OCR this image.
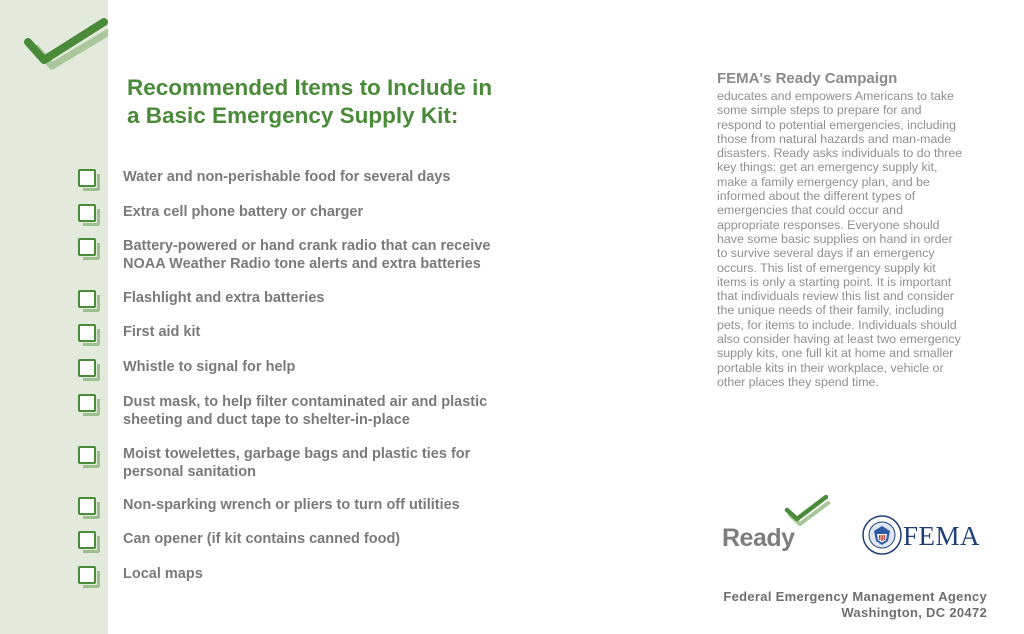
Recommended Items to Include in
a Basic Emergency Supply Kit:
Water and non-perishable food for several days
Extra cell phone battery or charger
Battery-powered or hand crank radio that can receive
NOAA Weather Radio tone alerts and extra batteries
Flashlight and extra batteries
First aid kit
Whistle to signal for help
Dust mask, to help filter contaminated air and plastic
sheeting and duct tape to shelter-in-place
Moist towelettes, garbage bags and plastic ties for
personal sanitation
Non-sparking wrench or pliers to turn off utilities
Can opener (if kit contains canned food)
Local maps
FEMA's Ready Campaign
educates and empowers Americans to take
some simple steps to prepare for and
respond to potential emergencies, including
those from natural hazards and man-made
disasters. Ready asks individuals to do three
key things: get an emergency supply kit,
make a family emergency plan, and be
informed about the different types of
emergencies that could occur and
appropriate responses. Everyone should
have some basic supplies on hand in order
to survive several days if an emergency
occurs. This list of emergency supply kit
items is only a starting point. It is important
that individuals review this list and consider
the unique needs of their family, including
pets, for items to include. Individuals should
also consider having at least two emergency
supply kits, one full kit at home and smaller
portable kits in their workplace, vehicle or
other places they spend time.
Ready	FEMA
Federal Emergency Management Agency
Washington, DC 20472
